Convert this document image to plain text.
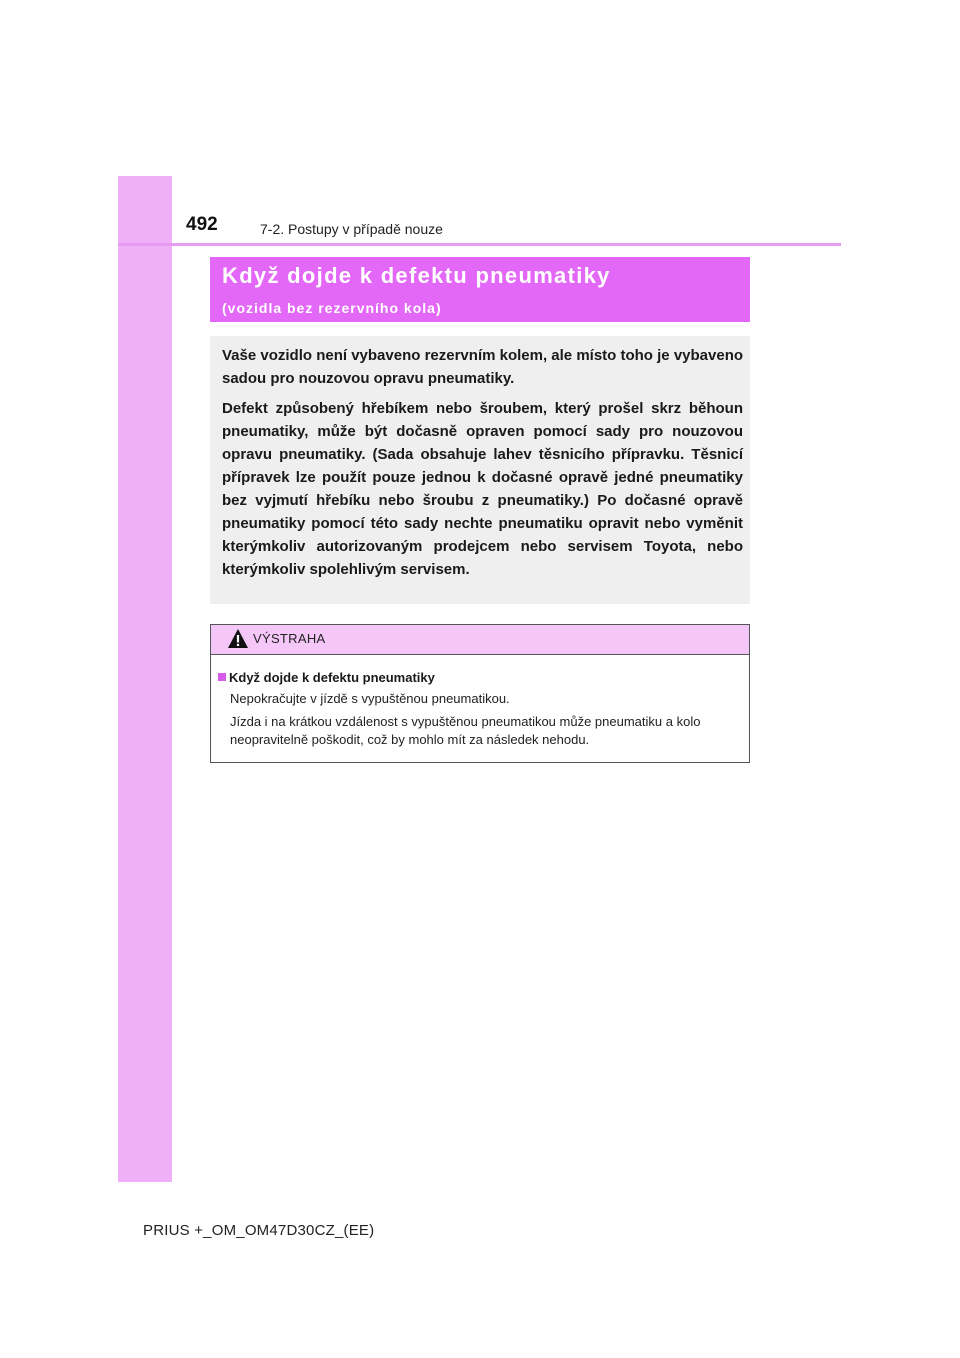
492	7-2. Postupy v případě nouze
Když dojde k defektu pneumatiky
(vozidla bez rezervního kola)

Vaše vozidlo není vybaveno rezervním kolem, ale místo toho je vybaveno sadou pro nouzovou opravu pneumatiky.

Defekt způsobený hřebíkem nebo šroubem, který prošel skrz běhoun pneumatiky, může být dočasně opraven pomocí sady pro nouzovou opravu pneumatiky. (Sada obsahuje lahev těsnicího přípravku. Těsnicí přípravek lze použít pouze jednou k dočasné opravě jedné pneumatiky bez vyjmutí hřebíku nebo šroubu z pneumatiky.) Po dočasné opravě pneumatiky pomocí této sady nechte pneumatiku opravit nebo vyměnit kterýmkoliv autorizovaným prodejcem nebo servisem Toyota, nebo kterýmkoliv spolehlivým servisem.

VÝSTRAHA
Když dojde k defektu pneumatiky
Nepokračujte v jízdě s vypuštěnou pneumatikou.
Jízda i na krátkou vzdálenost s vypuštěnou pneumatikou může pneumatiku a kolo neopravitelně poškodit, což by mohlo mít za následek nehodu.
PRIUS +_OM_OM47D30CZ_(EE)
